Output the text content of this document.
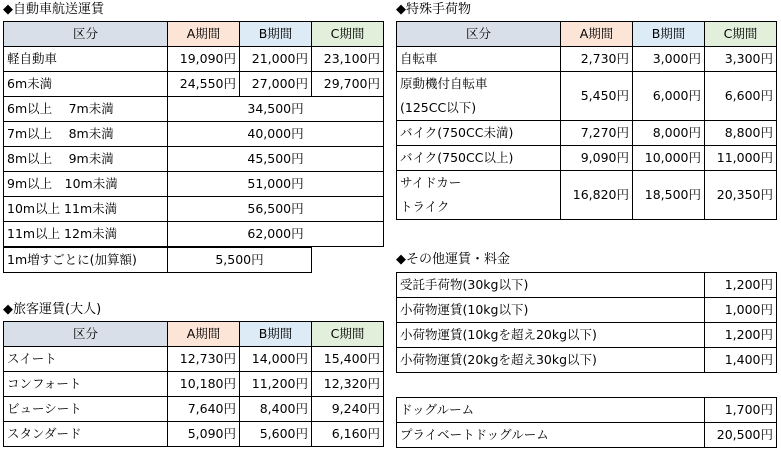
◆自動車航送運賃
区分	A期間	B期間	C期間
軽自動車	19,090円	21,000円	23,100円
6m未満	24,550円	27,000円	29,700円
6m以上　 7m未満	34,500円		
7m以上　 8m未満	40,000円		
8m以上　 9m未満	45,500円		
9m以上　10m未満	51,000円		
10m以上 11m未満	56,500円		
11m以上 12m未満	62,000円		
1m増すごとに(加算額)	5,500円
◆旅客運賃(大人)
区分	A期間	B期間	C期間
スイート	12,730円	14,000円	15,400円
コンフォート	10,180円	11,200円	12,320円
ビューシート	7,640円	8,400円	9,240円
スタンダード	5,090円	5,600円	6,160円
◆特殊手荷物
区分	A期間	B期間	C期間

自転車	2,730円	3,000円	3,300円

原動機付自転車
(125CC以下)	5,450円	6,000円	6,600円

バイク(750CC未満)	7,270円	8,000円	8,800円

バイク(750CC以上)	9,090円	10,000円	11,000円

サイドカー
トライク	16,820円	18,500円	20,350円
◆その他運賃・料金
受託手荷物(30kg以下)	1,200円
小荷物運賃(10kg以下)	1,000円
小荷物運賃(10kgを超え20kg以下)	1,200円
小荷物運賃(20kgを超え30kg以下)	1,400円
ドッグルーム	1,700円
プライベートドッグルーム	20,500円
